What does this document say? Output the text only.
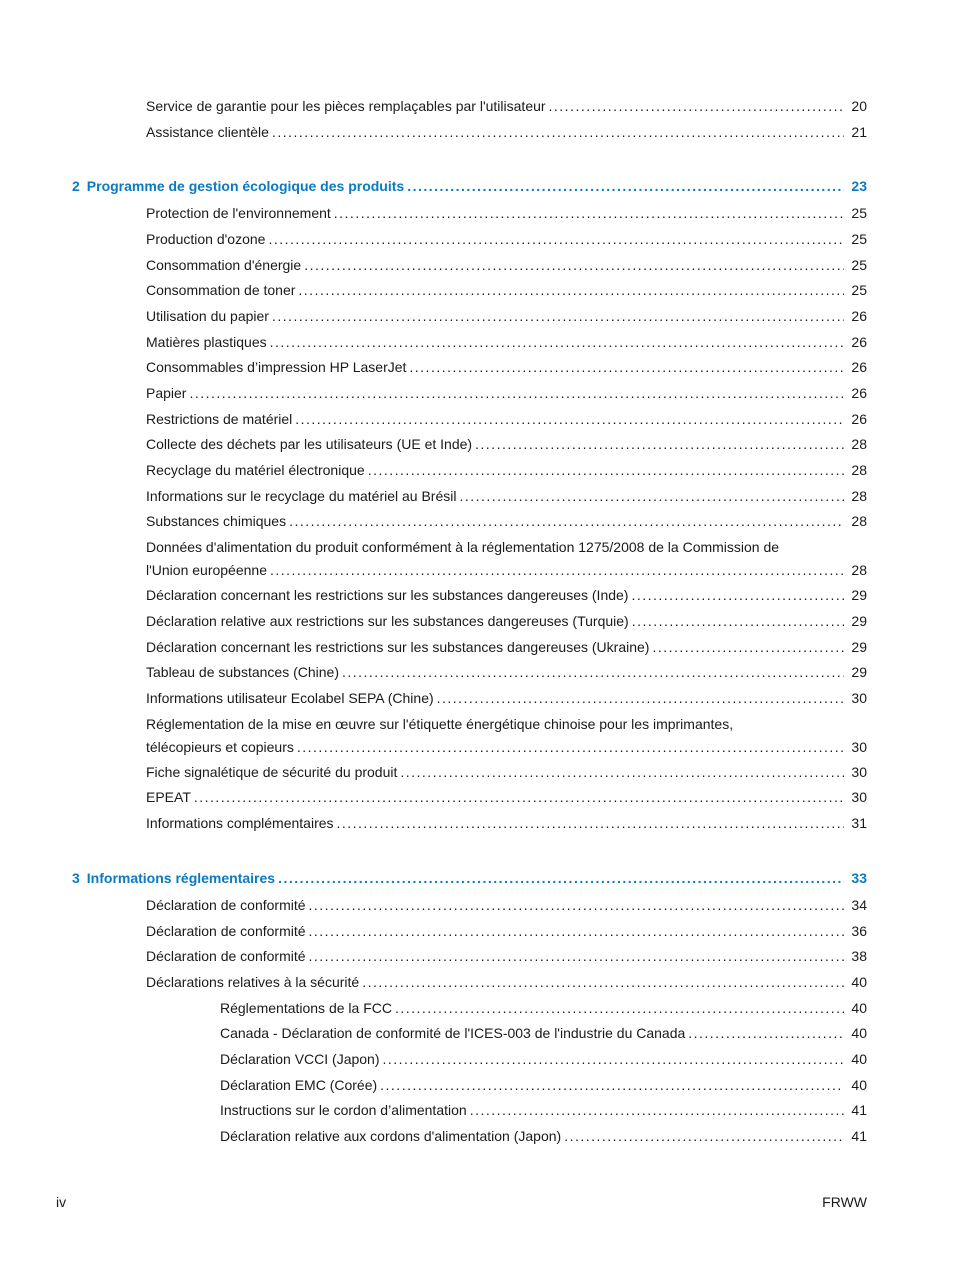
Service de garantie pour les pièces remplaçables par l'utilisateur . . .	20
Assistance clientèle . . .	21
2 Programme de gestion écologique des produits . . .	23
Protection de l'environnement . . .	25
Production d'ozone . . .	25
Consommation d'énergie . . .	25
Consommation de toner . . .	25
Utilisation du papier . . .	26
Matières plastiques . . .	26
Consommables d’impression HP LaserJet . . .	26
Papier . . .	26
Restrictions de matériel . . .	26
Collecte des déchets par les utilisateurs (UE et Inde) . . .	28
Recyclage du matériel électronique . . .	28
Informations sur le recyclage du matériel au Brésil . . .	28
Substances chimiques . . .	28
Données d'alimentation du produit conformément à la réglementation 1275/2008 de la Commission de
l'Union européenne . . .	28
Déclaration concernant les restrictions sur les substances dangereuses (Inde) . . .	29
Déclaration relative aux restrictions sur les substances dangereuses (Turquie) . . .	29
Déclaration concernant les restrictions sur les substances dangereuses (Ukraine) . . .	29
Tableau de substances (Chine) . . .	29
Informations utilisateur Ecolabel SEPA (Chine) . . .	30
Réglementation de la mise en œuvre sur l'étiquette énergétique chinoise pour les imprimantes,
télécopieurs et copieurs . . .	30
Fiche signalétique de sécurité du produit . . .	30
EPEAT . . .	30
Informations complémentaires . . .	31
3 Informations réglementaires . . .	33
Déclaration de conformité . . .	34
Déclaration de conformité . . .	36
Déclaration de conformité . . .	38
Déclarations relatives à la sécurité . . .	40
Réglementations de la FCC . . .	40
Canada - Déclaration de conformité de l'ICES-003 de l'industrie du Canada . . .	40
Déclaration VCCI (Japon) . . .	40
Déclaration EMC (Corée) . . .	40
Instructions sur le cordon d’alimentation . . .	41
Déclaration relative aux cordons d'alimentation (Japon) . . .	41
iv	FRWW
